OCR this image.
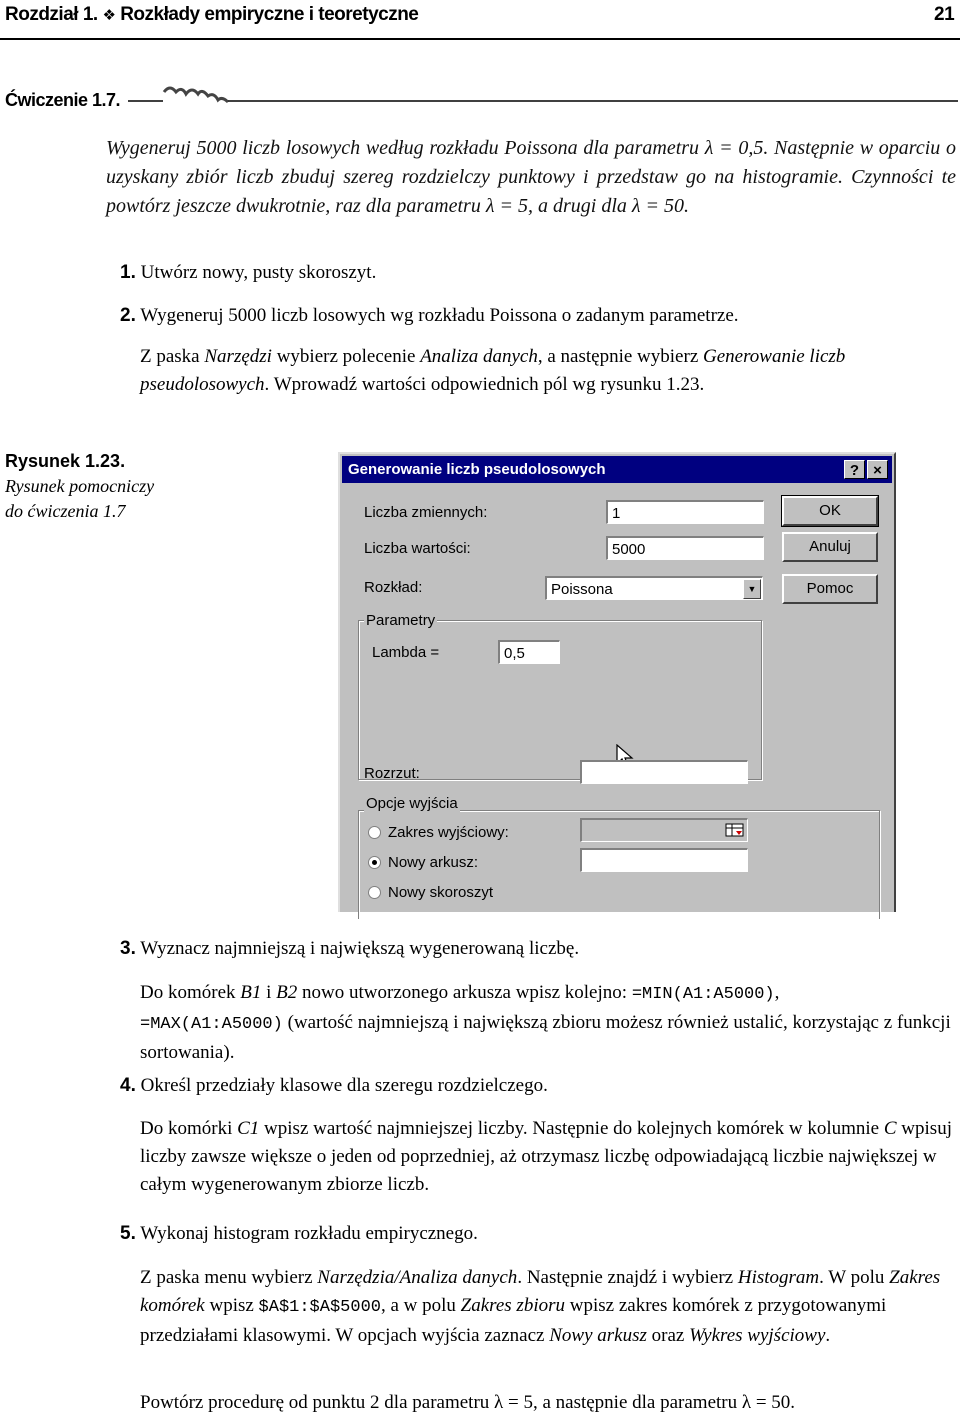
Rozdział 1. ❖ Rozkłady empiryczne i teoretyczne	21
Ćwiczenie 1.7.
Wygeneruj 5000 liczb losowych według rozkładu Poissona dla parametru λ = 0,5. Następnie w oparciu o uzyskany zbiór liczb zbuduj szereg rozdzielczy punktowy i przedstaw go na histogramie. Czynności te powtórz jeszcze dwukrotnie, raz dla parametru λ = 5, a drugi dla λ = 50.
1. Utwórz nowy, pusty skoroszyt.
2. Wygeneruj 5000 liczb losowych wg rozkładu Poissona o zadanym parametrze.
Z paska Narzędzi wybierz polecenie Analiza danych, a następnie wybierz Generowanie liczb pseudolosowych. Wprowadź wartości odpowiednich pól wg rysunku 1.23.
Rysunek 1.23.
Rysunek pomocniczy
do ćwiczenia 1.7
Generowanie liczb pseudolosowych	? ×
Liczba zmiennych:	1
Liczba wartości:	5000
Rozkład:	Poissona	▼
Parametry
Lambda =	0,5
Rozrzut:
Opcje wyjścia
Zakres wyjściowy:
Nowy arkusz:
Nowy skoroszyt
OK
Anuluj
Pomoc
3. Wyznacz najmniejszą i największą wygenerowaną liczbę.
Do komórek B1 i B2 nowo utworzonego arkusza wpisz kolejno: =MIN(A1:A5000),
=MAX(A1:A5000) (wartość najmniejszą i największą zbioru możesz również ustalić, korzystając z funkcji sortowania).
4. Określ przedziały klasowe dla szeregu rozdzielczego.
Do komórki C1 wpisz wartość najmniejszej liczby. Następnie do kolejnych komórek w kolumnie C wpisuj liczby zawsze większe o jeden od poprzedniej, aż otrzymasz liczbę odpowiadającą liczbie największej w całym wygenerowanym zbiorze liczb.
5. Wykonaj histogram rozkładu empirycznego.
Z paska menu wybierz Narzędzia/Analiza danych. Następnie znajdź i wybierz Histogram. W polu Zakres komórek wpisz $A$1:$A$5000, a w polu Zakres zbioru wpisz zakres komórek z przygotowanymi przedziałami klasowymi. W opcjach wyjścia zaznacz Nowy arkusz oraz Wykres wyjściowy.
Powtórz procedurę od punktu 2 dla parametru λ = 5, a następnie dla parametru λ = 50.
